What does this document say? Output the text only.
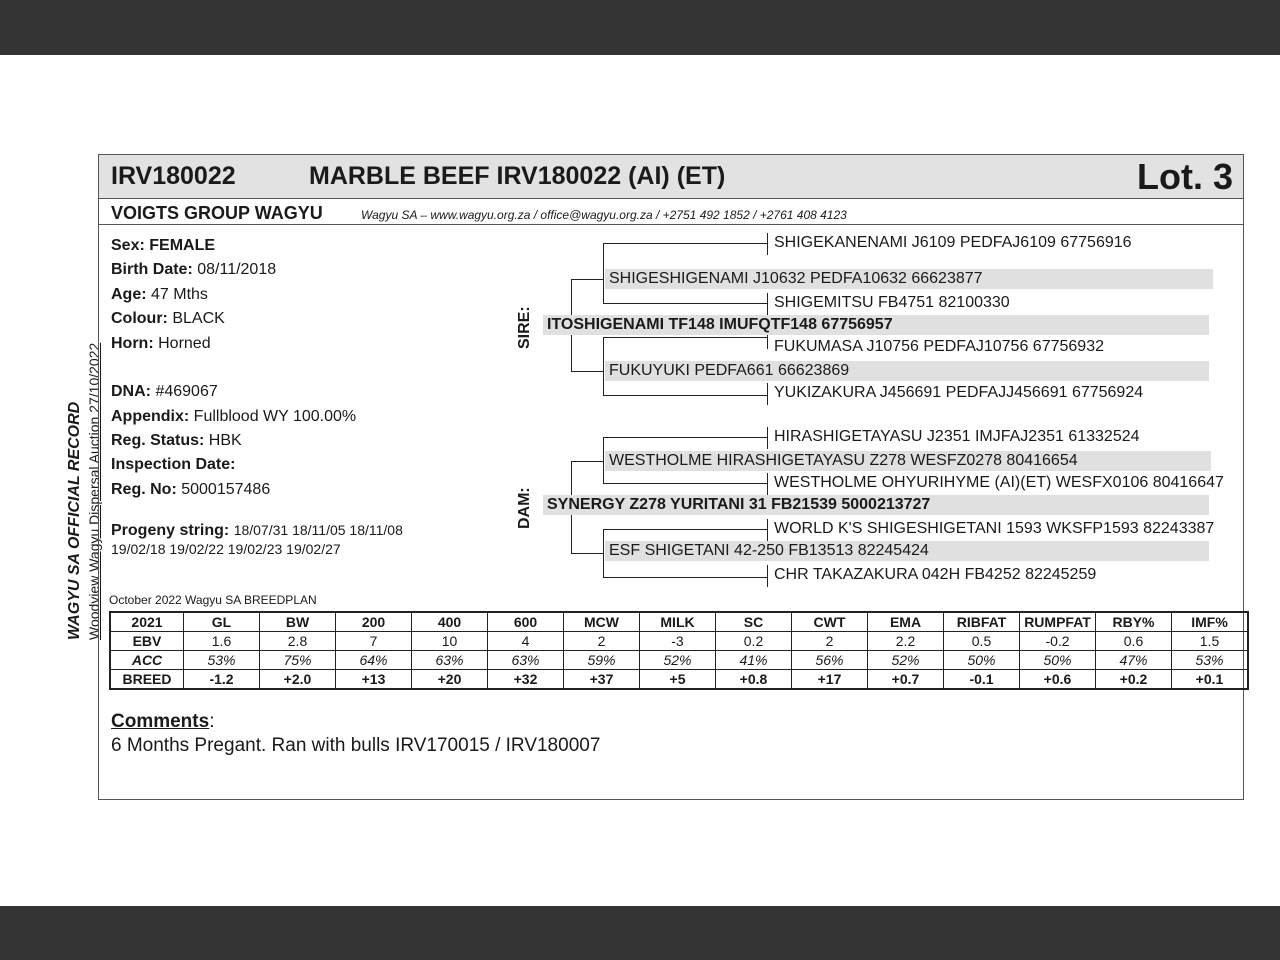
WAGYU SA OFFICIAL RECORD Woodview Wagyu Dispersal Auction 27/10/2022
IRV180022	MARBLE BEEF IRV180022 (AI) (ET)	Lot. 3
VOIGTS GROUP WAGYU	Wagyu SA – www.wagyu.org.za / office@wagyu.org.za / +2751 492 1852 / +2761 408 4123
Sex: FEMALE
Birth Date: 08/11/2018
Age: 47 Mths
Colour: BLACK
Horn: Horned
DNA: #469067
Appendix: Fullblood WY 100.00%
Reg. Status: HBK
Inspection Date:
Reg. No: 5000157486
Progeny string: 18/07/31 18/11/05 18/11/08
19/02/18 19/02/22 19/02/23 19/02/27
SIRE:
DAM:
SHIGEKANENAMI J6109 PEDFAJ6109 67756916
SHIGESHIGENAMI J10632 PEDFA10632 66623877
SHIGEMITSU FB4751 82100330
ITOSHIGENAMI TF148 IMUFQTF148 67756957
FUKUMASA J10756 PEDFAJ10756 67756932
FUKUYUKI PEDFA661 66623869
YUKIZAKURA J456691 PEDFAJJ456691 67756924
HIRASHIGETAYASU J2351 IMJFAJ2351 61332524
WESTHOLME HIRASHIGETAYASU Z278 WESFZ0278 80416654
WESTHOLME OHYURIHYME (AI)(ET) WESFX0106 80416647
SYNERGY Z278 YURITANI 31 FB21539 5000213727
WORLD K'S SHIGESHIGETANI 1593 WKSFP1593 82243387
ESF SHIGETANI 42-250 FB13513 82245424
CHR TAKAZAKURA 042H FB4252 82245259
October 2022 Wagyu SA BREEDPLAN
2021	GL	BW	200	400	600	MCW	MILK	SC	CWT	EMA	RIBFAT	RUMPFAT	RBY%	IMF%
EBV	1.6	2.8	7	10	4	2	-3	0.2	2	2.2	0.5	-0.2	0.6	1.5
ACC	53%	75%	64%	63%	63%	59%	52%	41%	56%	52%	50%	50%	47%	53%
BREED	-1.2	+2.0	+13	+20	+32	+37	+5	+0.8	+17	+0.7	-0.1	+0.6	+0.2	+0.1
Comments:
6 Months Pregant. Ran with bulls IRV170015 / IRV180007
